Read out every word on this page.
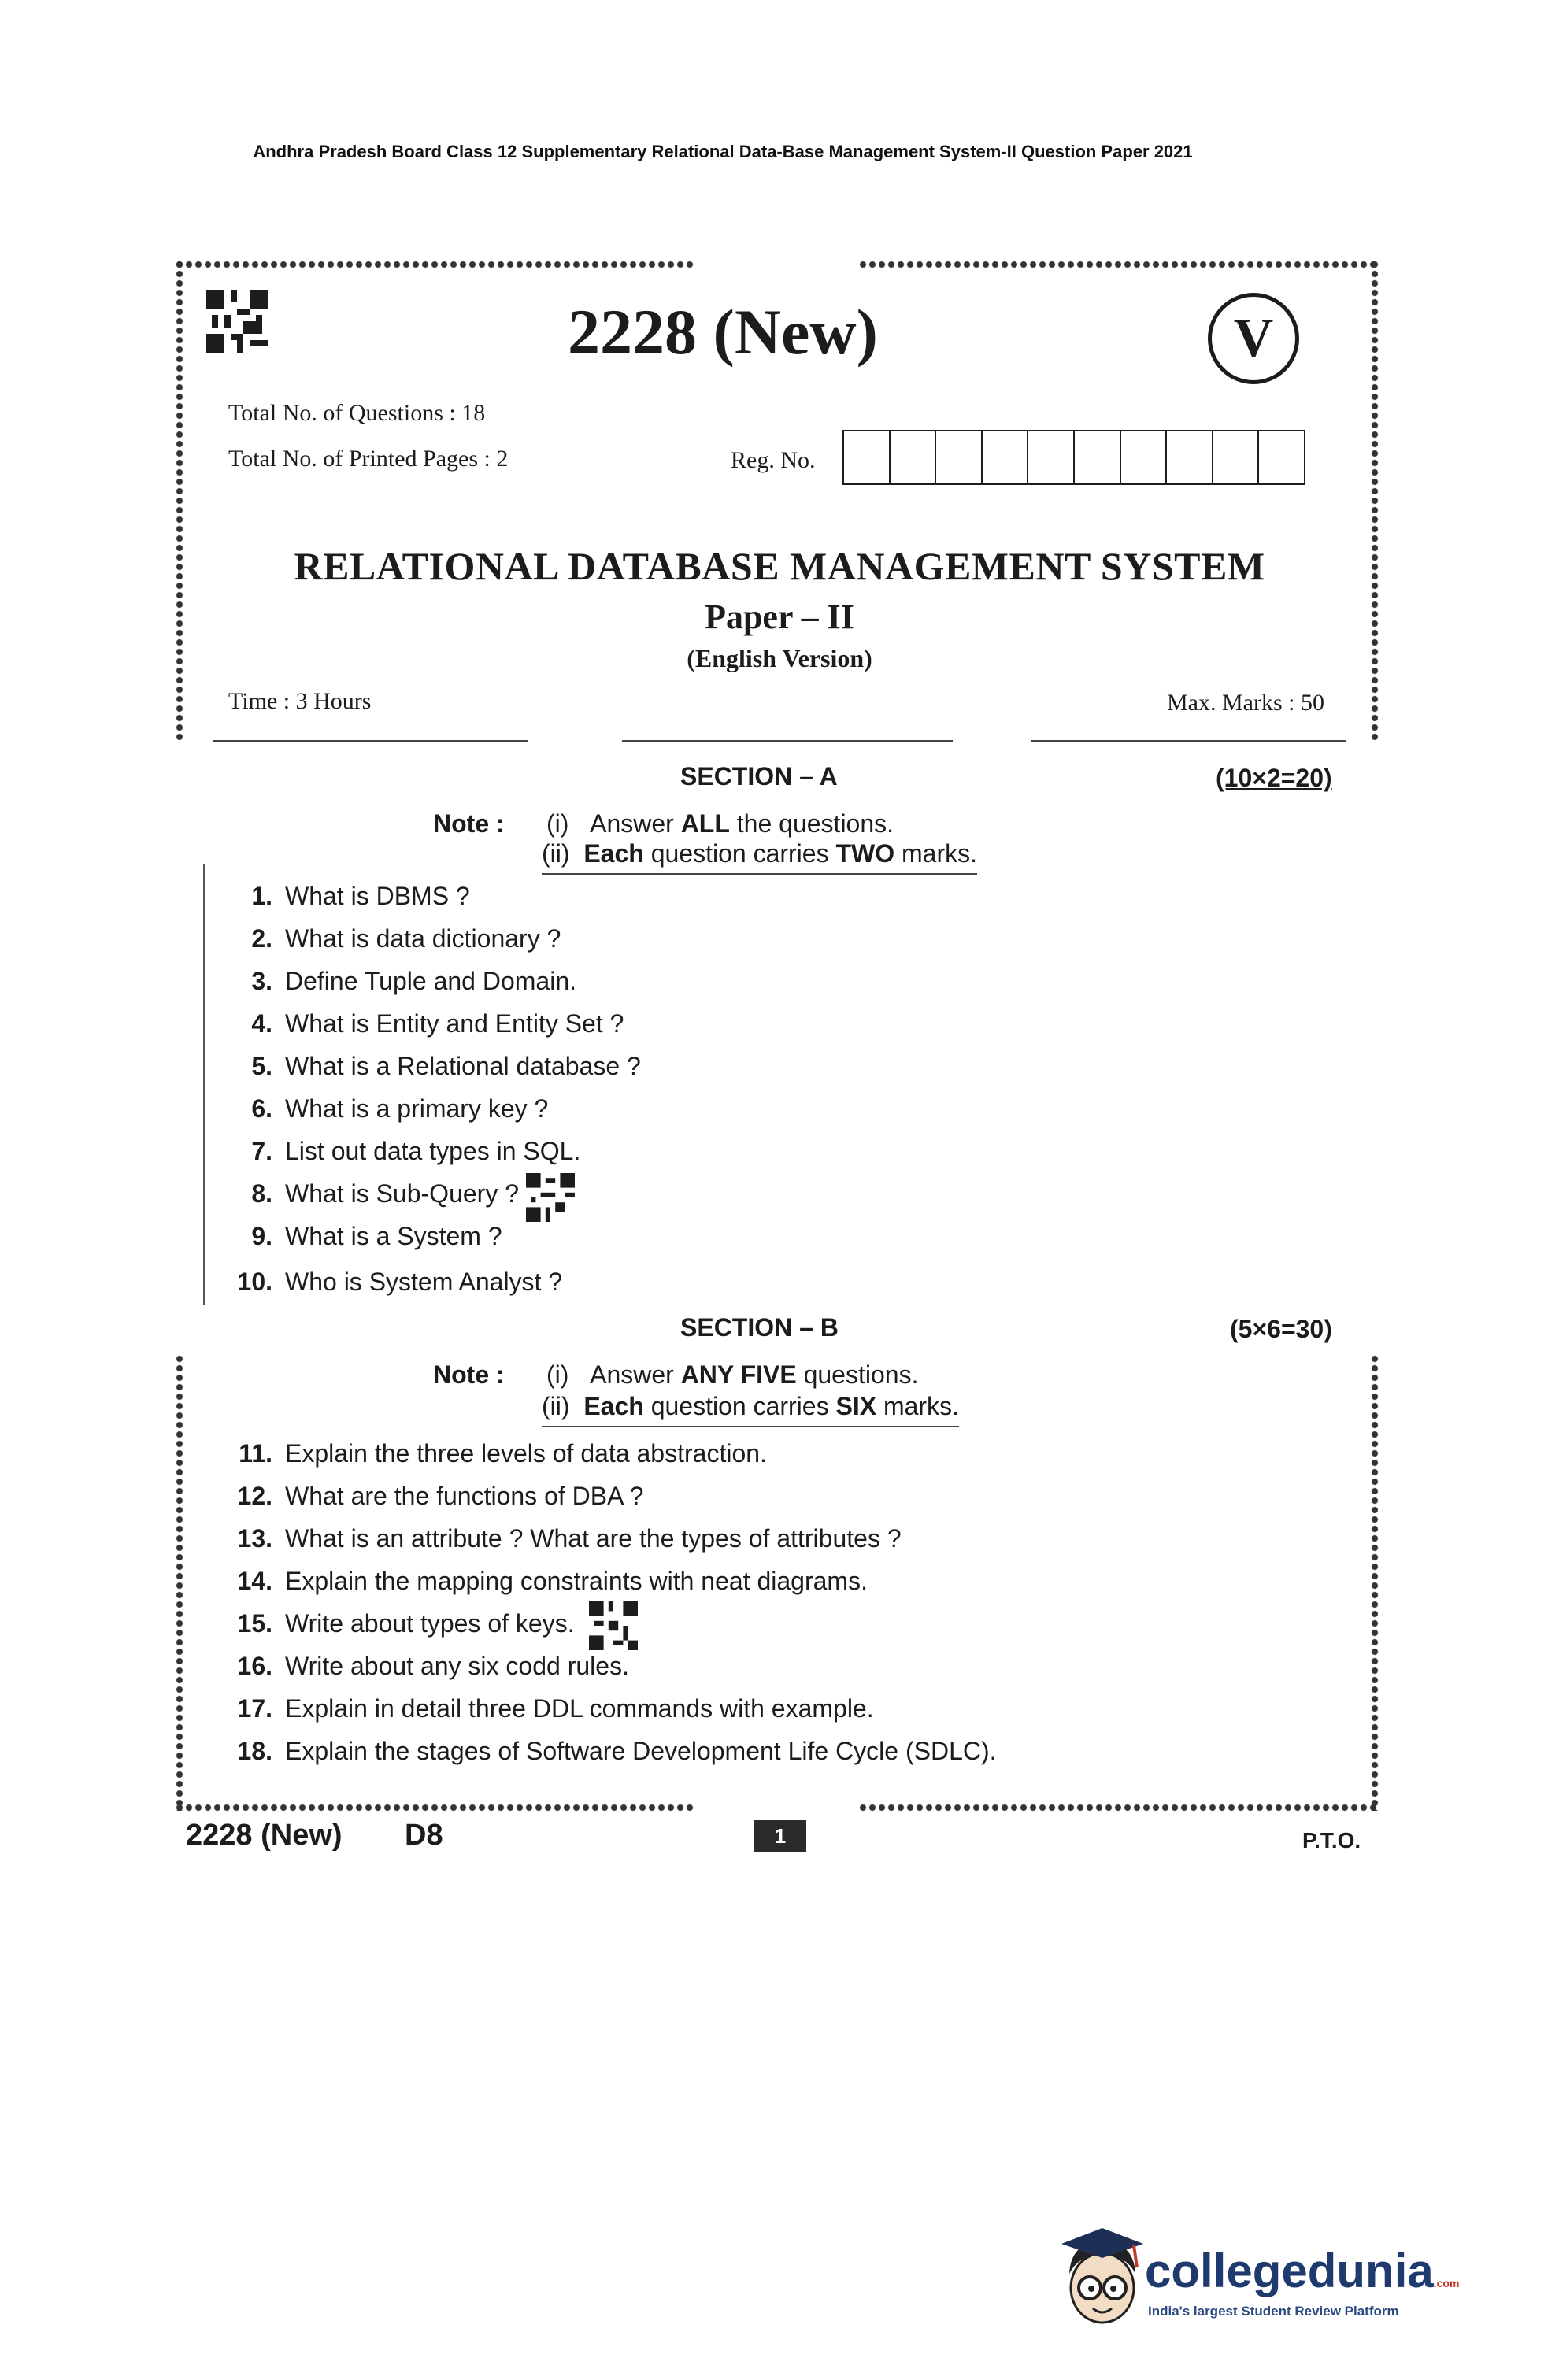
Andhra Pradesh Board Class 12 Supplementary Relational Data-Base Management System-II Question Paper 2021
2228 (New)	V
Total No. of Questions : 18
Total No. of Printed Pages : 2	Reg. No.
RELATIONAL DATABASE MANAGEMENT SYSTEM
Paper – II
(English Version)
Time : 3 Hours	Max. Marks : 50
SECTION – A	(10×2=20)
Note : (i) Answer ALL the questions.
(ii) Each question carries TWO marks.
1. What is DBMS ?
2. What is data dictionary ?
3. Define Tuple and Domain.
4. What is Entity and Entity Set ?
5. What is a Relational database ?
6. What is a primary key ?
7. List out data types in SQL.
8. What is Sub-Query ?
9. What is a System ?
10. Who is System Analyst ?
SECTION – B	(5×6=30)
Note : (i) Answer ANY FIVE questions.
(ii) Each question carries SIX marks.
11. Explain the three levels of data abstraction.
12. What are the functions of DBA ?
13. What is an attribute ? What are the types of attributes ?
14. Explain the mapping constraints with neat diagrams.
15. Write about types of keys.
16. Write about any six codd rules.
17. Explain in detail three DDL commands with example.
18. Explain the stages of Software Development Life Cycle (SDLC).
2228 (New) D8	1	P.T.O.
collegedunia.com
India's largest Student Review Platform
